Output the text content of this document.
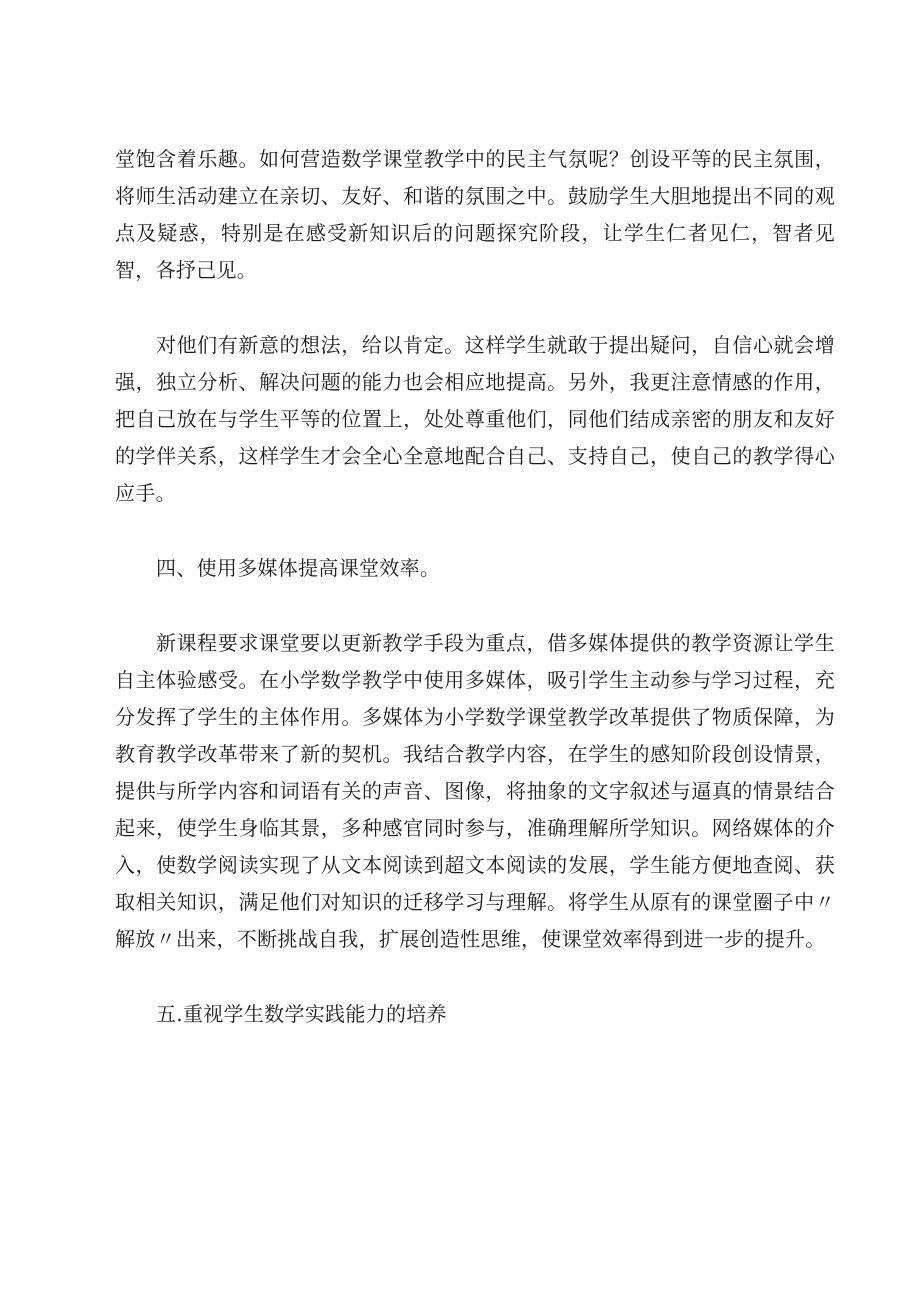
堂饱含着乐趣。如何营造数学课堂教学中的民主气氛呢？创设平等的民主氛围，将师生活动建立在亲切、友好、和谐的氛围之中。鼓励学生大胆地提出不同的观点及疑惑，特别是在感受新知识后的问题探究阶段，让学生仁者见仁，智者见智，各抒己见。

对他们有新意的想法，给以肯定。这样学生就敢于提出疑问，自信心就会增强，独立分析、解决问题的能力也会相应地提高。另外，我更注意情感的作用，把自己放在与学生平等的位置上，处处尊重他们，同他们结成亲密的朋友和友好的学伴关系，这样学生才会全心全意地配合自己、支持自己，使自己的教学得心应手。

四、使用多媒体提高课堂效率。

新课程要求课堂要以更新教学手段为重点，借多媒体提供的教学资源让学生自主体验感受。在小学数学教学中使用多媒体，吸引学生主动参与学习过程，充分发挥了学生的主体作用。多媒体为小学数学课堂教学改革提供了物质保障，为教育教学改革带来了新的契机。我结合教学内容，在学生的感知阶段创设情景，提供与所学内容和词语有关的声音、图像，将抽象的文字叙述与逼真的情景结合起来，使学生身临其景，多种感官同时参与，准确理解所学知识。网络媒体的介入，使数学阅读实现了从文本阅读到超文本阅读的发展，学生能方便地查阅、获取相关知识，满足他们对知识的迁移学习与理解。将学生从原有的课堂圈子中〃解放〃出来，不断挑战自我，扩展创造性思维，使课堂效率得到进一步的提升。

五.重视学生数学实践能力的培养
